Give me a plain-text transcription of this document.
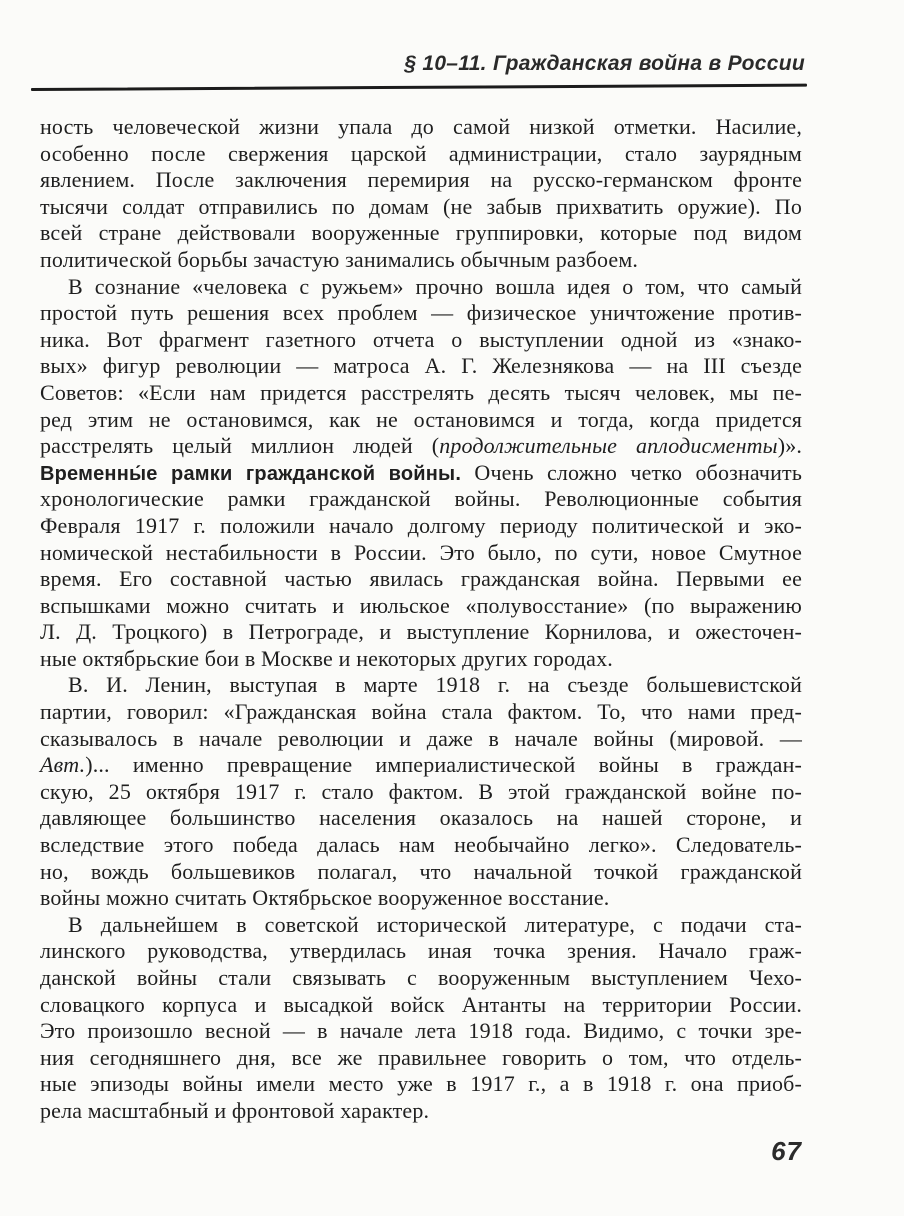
§ 10–11. Гражданская война в России
ность человеческой жизни упала до самой низкой отметки. Насилие,
особенно после свержения царской администрации, стало заурядным
явлением. После заключения перемирия на русско-германском фронте
тысячи солдат отправились по домам (не забыв прихватить оружие). По
всей стране действовали вооруженные группировки, которые под видом
политической борьбы зачастую занимались обычным разбоем.
В сознание «человека с ружьем» прочно вошла идея о том, что самый
простой путь решения всех проблем — физическое уничтожение против-
ника. Вот фрагмент газетного отчета о выступлении одной из «знако-
вых» фигур революции — матроса А. Г. Железнякова — на III съезде
Советов: «Если нам придется расстрелять десять тысяч человек, мы пе-
ред этим не остановимся, как не остановимся и тогда, когда придется
расстрелять целый миллион людей (продолжительные аплодисменты)».
Временны́е рамки гражданской войны. Очень сложно четко обозначить
хронологические рамки гражданской войны. Революционные события
Февраля 1917 г. положили начало долгому периоду политической и эко-
номической нестабильности в России. Это было, по сути, новое Смутное
время. Его составной частью явилась гражданская война. Первыми ее
вспышками можно считать и июльское «полувосстание» (по выражению
Л. Д. Троцкого) в Петрограде, и выступление Корнилова, и ожесточен-
ные октябрьские бои в Москве и некоторых других городах.
В. И. Ленин, выступая в марте 1918 г. на съезде большевистской
партии, говорил: «Гражданская война стала фактом. То, что нами пред-
сказывалось в начале революции и даже в начале войны (мировой. —
Авт.)... именно превращение империалистической войны в граждан-
скую, 25 октября 1917 г. стало фактом. В этой гражданской войне по-
давляющее большинство населения оказалось на нашей стороне, и
вследствие этого победа далась нам необычайно легко». Следователь-
но, вождь большевиков полагал, что начальной точкой гражданской
войны можно считать Октябрьское вооруженное восстание.
В дальнейшем в советской исторической литературе, с подачи ста-
линского руководства, утвердилась иная точка зрения. Начало граж-
данской войны стали связывать с вооруженным выступлением Чехо-
словацкого корпуса и высадкой войск Антанты на территории России.
Это произошло весной — в начале лета 1918 года. Видимо, с точки зре-
ния сегодняшнего дня, все же правильнее говорить о том, что отдель-
ные эпизоды войны имели место уже в 1917 г., а в 1918 г. она приоб-
рела масштабный и фронтовой характер.
67
